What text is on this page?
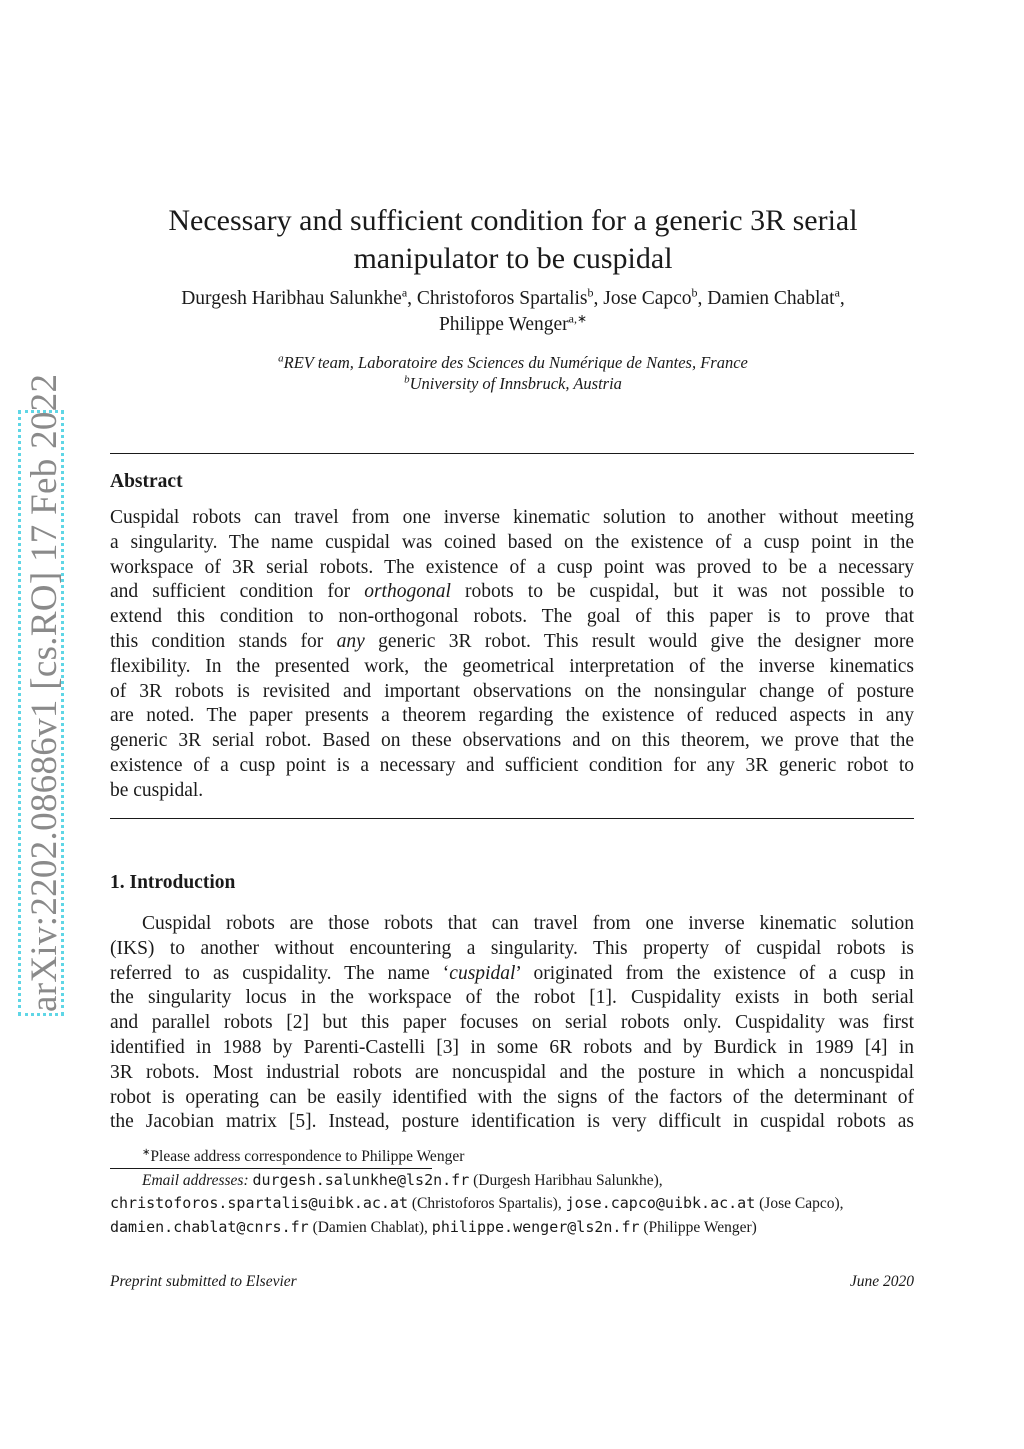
arXiv:2202.08686v1 [cs.RO] 17 Feb 2022
Necessary and sufficient condition for a generic 3R serial
manipulator to be cuspidal
Durgesh Haribhau Salunkhe$^a$, Christoforos Spartalis$^b$, Jose Capco$^b$, Damien Chablat$^a$,
Philippe Wenger$^{a,∗}$
$^a$REV team, Laboratoire des Sciences du Numérique de Nantes, France
$^b$University of Innsbruck, Austria
Abstract
Cuspidal robots can travel from one inverse kinematic solution to another without meeting
a singularity. The name cuspidal was coined based on the existence of a cusp point in the
workspace of 3R serial robots. The existence of a cusp point was proved to be a necessary
and sufficient condition for orthogonal robots to be cuspidal, but it was not possible to
extend this condition to non-orthogonal robots. The goal of this paper is to prove that
this condition stands for any generic 3R robot. This result would give the designer more
flexibility. In the presented work, the geometrical interpretation of the inverse kinematics
of 3R robots is revisited and important observations on the nonsingular change of posture
are noted. The paper presents a theorem regarding the existence of reduced aspects in any
generic 3R serial robot. Based on these observations and on this theorem, we prove that the
existence of a cusp point is a necessary and sufficient condition for any 3R generic robot to
be cuspidal.
1. Introduction
Cuspidal robots are those robots that can travel from one inverse kinematic solution
(IKS) to another without encountering a singularity. This property of cuspidal robots is
referred to as cuspidality. The name ‘cuspidal’ originated from the existence of a cusp in
the singularity locus in the workspace of the robot [1]. Cuspidality exists in both serial
and parallel robots [2] but this paper focuses on serial robots only. Cuspidality was first
identified in 1988 by Parenti-Castelli [3] in some 6R robots and by Burdick in 1989 [4] in
3R robots. Most industrial robots are noncuspidal and the posture in which a noncuspidal
robot is operating can be easily identified with the signs of the factors of the determinant of
the Jacobian matrix [5]. Instead, posture identification is very difficult in cuspidal robots as
∗Please address correspondence to Philippe Wenger
Email addresses: durgesh.salunkhe@ls2n.fr (Durgesh Haribhau Salunkhe),
christoforos.spartalis@uibk.ac.at (Christoforos Spartalis), jose.capco@uibk.ac.at (Jose Capco),
damien.chablat@cnrs.fr (Damien Chablat), philippe.wenger@ls2n.fr (Philippe Wenger)
Preprint submitted to Elsevier	June 2020
